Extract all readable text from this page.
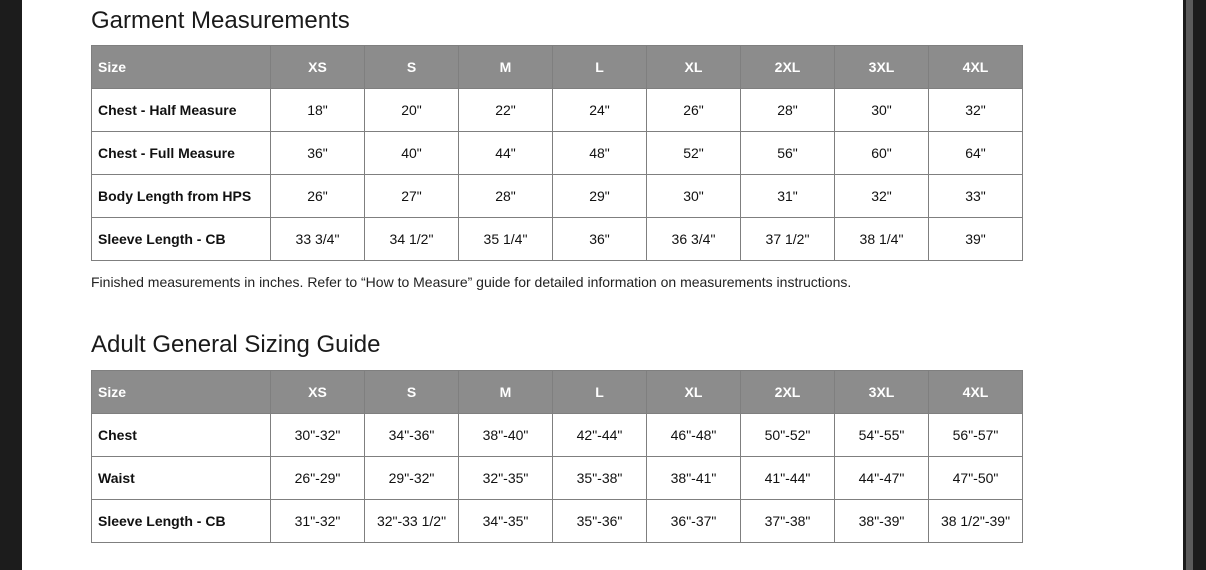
Garment Measurements
Size	XS	S	M	L	XL	2XL	3XL	4XL
Chest - Half Measure	18"	20"	22"	24"	26"	28"	30"	32"
Chest - Full Measure	36"	40"	44"	48"	52"	56"	60"	64"
Body Length from HPS	26"	27"	28"	29"	30"	31"	32"	33"
Sleeve Length - CB	33 3/4"	34 1/2"	35 1/4"	36"	36 3/4"	37 1/2"	38 1/4"	39"

Finished measurements in inches. Refer to “How to Measure” guide for detailed information on measurements instructions.

Adult General Sizing Guide
Size	XS	S	M	L	XL	2XL	3XL	4XL
Chest	30"-32"	34"-36"	38"-40"	42"-44"	46"-48"	50"-52"	54"-55"	56"-57"
Waist	26"-29"	29"-32"	32"-35"	35"-38"	38"-41"	41"-44"	44"-47"	47"-50"
Sleeve Length - CB	31"-32"	32"-33 1/2"	34"-35"	35"-36"	36"-37"	37"-38"	38"-39"	38 1/2"-39"
